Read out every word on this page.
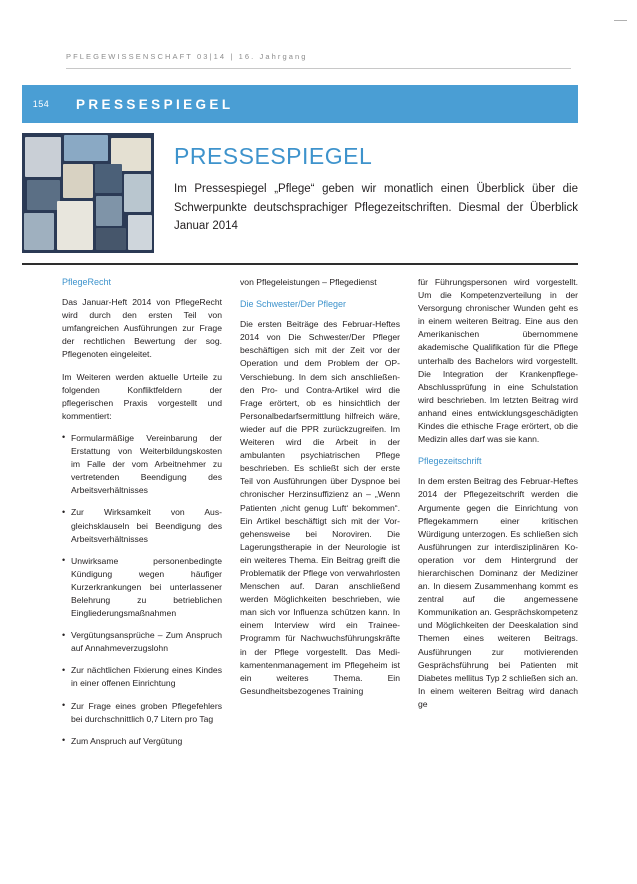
PFLEGEWISSENSCHAFT 03|14 | 16. Jahrgang
154	PRESSESPIEGEL
PRESSESPIEGEL

Im Pressespiegel „Pflege“ geben wir monatlich einen Überblick über die Schwerpunkte deutschsprachiger Pflegezeitschriften. Diesmal der Überblick Januar 2014

PflegeRecht

Das Januar-Heft 2014 von PflegeRecht wird durch den ersten Teil von umfangreichen Ausführungen zur Frage der rechtlichen Bewertung der sog. Pflegenoten eingeleitet.

Im Weiteren werden aktuelle Urteile zu folgenden Konfliktfeldern der pflegerischen Praxis vorgestellt und kommentiert:

• Formularmäßige Vereinbarung der Erstattung von Weiterbildungskosten im Falle der vom Arbeitnehmer zu vertretenden Beendigung des Arbeitsverhältnisses
• Zur Wirksamkeit von Ausgleichsklauseln bei Beendigung des Arbeitsverhältnisses
• Unwirksame personenbedingte Kündigung wegen häufiger Kurzerkrankungen bei unterlassener Belehrung zu betrieblichen Eingliederungsmaßnahmen
• Vergütungsansprüche – Zum Anspruch auf Annahmeverzugslohn
• Zur nächtlichen Fixierung eines Kindes in einer offenen Einrichtung
• Zur Frage eines groben Pflegefehlers bei durchschnittlich 0,7 Litern pro Tag
• Zum Anspruch auf Vergütung

von Pflegeleistungen – Pflegedienst

Die Schwester/Der Pfleger

Die ersten Beiträge des Februar-Heftes 2014 von Die Schwester/Der Pfleger beschäftigen sich mit der Zeit vor der Operation und dem Problem der OP-Verschiebung. In dem sich anschließenden Pro- und Contra-Artikel wird die Frage erörtert, ob es hinsichtlich der Personalbedarfsermittlung hilfreich wäre, wieder auf die PPR zurückzugreifen. Im Weiteren wird die Arbeit in der ambulanten psychiatrischen Pflege beschrieben. Es schließt sich der erste Teil von Ausführungen über Dyspnoe bei chronischer Herzinsuffizienz an – „Wenn Patienten ‚nicht genug Luft‘ bekommen“. Ein Artikel beschäftigt sich mit der Vorgehensweise bei Noroviren. Die Lagerungstherapie in der Neurologie ist ein weiteres Thema. Ein Beitrag greift die Problematik der Pflege von verwahrlosten Menschen auf. Daran anschließend werden Möglichkeiten beschrieben, wie man sich vor Influenza schützen kann. In einem Interview wird ein Trainee-Programm für Nachwuchsführungskräfte in der Pflege vorgestellt. Das Medikamentenmanagement im Pflegeheim ist ein weiteres Thema. Ein Gesundheitsbezogenes Training

für Führungspersonen wird vorgestellt. Um die Kompetenzverteilung in der Versorgung chronischer Wunden geht es in einem weiteren Beitrag. Eine aus den Amerikanischen übernommene akademische Qualifikation für die Pflege unterhalb des Bachelors wird vorgestellt. Die Integration der Krankenpflege-Abschlussprüfung in eine Schulstation wird beschrieben. Im letzten Beitrag wird anhand eines entwicklungsgeschädigten Kindes die ethische Frage erörtert, ob die Medizin alles darf was sie kann.

Pflegezeitschrift

In dem ersten Beitrag des Februar-Heftes 2014 der Pflegezeitschrift werden die Argumente gegen die Einrichtung von Pflegekammern einer kritischen Würdigung unterzogen. Es schließen sich Ausführungen zur interdisziplinären Kooperation vor dem Hintergrund der hierarchischen Dominanz der Mediziner an. In diesem Zusammenhang kommt es zentral auf die angemessene Kommunikation an. Gesprächskompetenz und Möglichkeiten der Deeskalation sind Themen eines weiteren Beitrags. Ausführungen zur motivierenden Gesprächsführung bei Patienten mit Diabetes mellitus Typ 2 schließen sich an. In einem weiteren Beitrag wird danach ge
